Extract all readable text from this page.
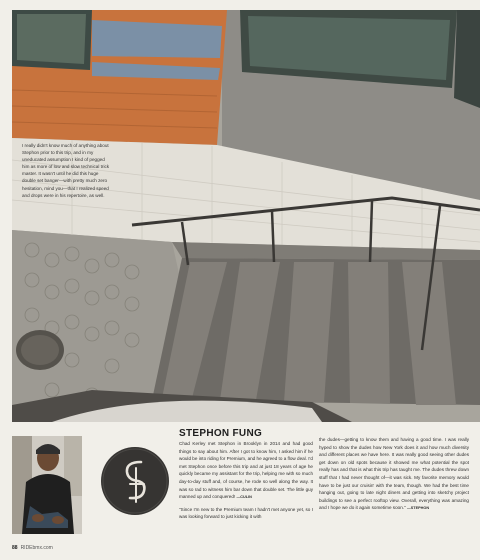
I really didn't know much of anything about Stephon prior to this trip, and in my uneducated assumption I kind of pegged him as more of low and slow technical trick master. It wasn't until he did this huge double set banger—with pretty much zero hesitation, mind you—that I realized speed and drops were in his repertoire, as well.
STEPHON FUNG

Chad Kerley met Stephon in Brooklyn in 2014 and had good things to say about him. After I got to know him, I asked him if he would be into riding for Premium, and he agreed to a flow deal. I'd met Stephon once before this trip and at just 18 years of age he quickly became my assistant for the trip, helping me with so much day-to-day stuff and, of course, he rode so well along the way. It was so rad to witness him bar down that double set. The little guy manned up and conquered! —CULIN

"Since I'm new to the Premium team I hadn't met anyone yet, so I was looking forward to just kicking it with

the dudes—getting to know them and having a good time. I was really hyped to show the dudes how New York does it and how much diversity and different places we have here. It was really good seeing other dudes get down on old spots because it showed me what potential the spot really has and that is what this trip has taught me. The dudes threw down stuff that I had never thought of—it was sick. My favorite memory would have to be just our cruisin' with the team, though. We had the best time hanging out, going to late night diners and getting into sketchy project buildings to see a perfect rooftop view. Overall, everything was amazing and I hope we do it again sometime soon." —STEPHON

88 RIDEbmx.com
